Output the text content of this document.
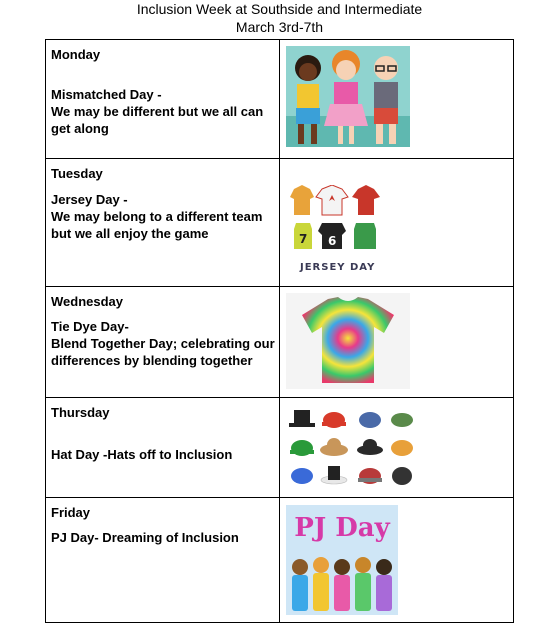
Inclusion Week at Southside and Intermediate
March 3rd-7th
Monday
Mismatched Day -
We may be different but we all can get along

Tuesday
Jersey Day -
We may belong to a different team but we all enjoy the game	7 6
JERSEY DAY

Wednesday
Tie Dye Day-
Blend Together Day; celebrating our differences by blending together

Thursday
Hat Day -Hats off to Inclusion

Friday
PJ Day- Dreaming of Inclusion	PJ Day
